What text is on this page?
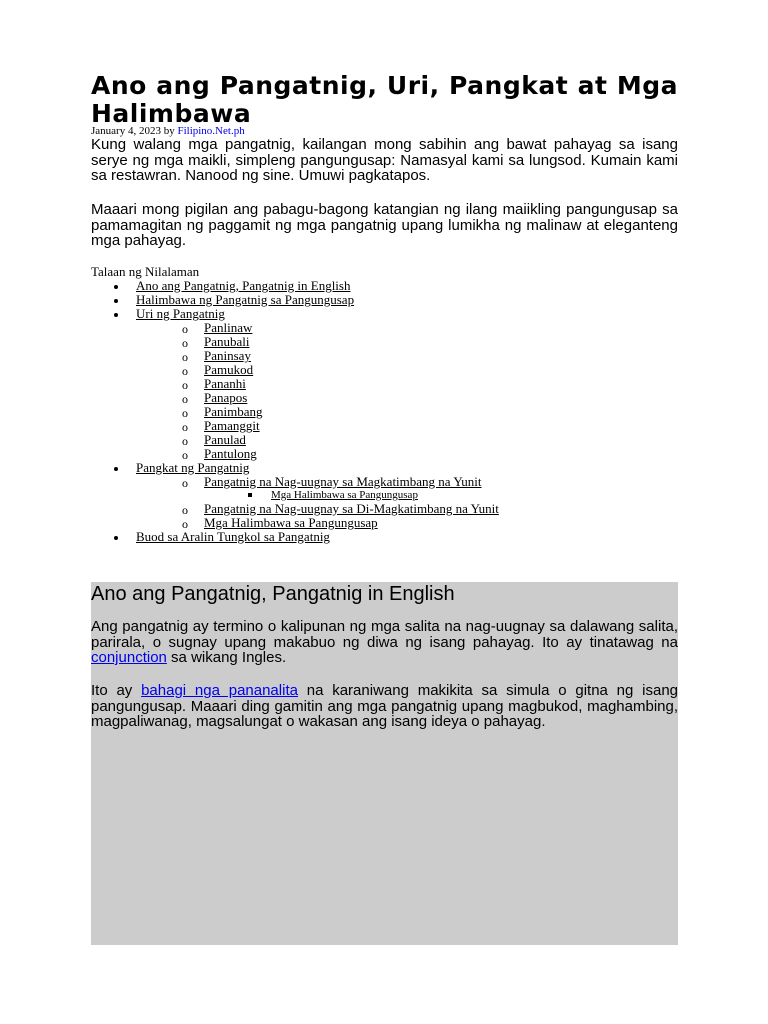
Ano ang Pangatnig, Uri, Pangkat at Mga Halimbawa
January 4, 2023 by Filipino.Net.ph

Kung walang mga pangatnig, kailangan mong sabihin ang bawat pahayag sa isang serye ng mga maikli, simpleng pangungusap: Namasyal kami sa lungsod. Kumain kami sa restawran. Nanood ng sine. Umuwi pagkatapos.

Maaari mong pigilan ang pabagu-bagong katangian ng ilang maiikling pangungusap sa pamamagitan ng paggamit ng mga pangatnig upang lumikha ng malinaw at eleganteng mga pahayag.

Talaan ng Nilalaman
Ano ang Pangatnig, Pangatnig in English
Halimbawa ng Pangatnig sa Pangungusap
Uri ng Pangatnig
o Panlinaw
o Panubali
o Paninsay
o Pamukod
o Pananhi
o Panapos
o Panimbang
o Pamanggit
o Panulad
o Pantulong
Pangkat ng Pangatnig
o Pangatnig na Nag-uugnay sa Magkatimbang na Yunit
Mga Halimbawa sa Pangungusap
o Pangatnig na Nag-uugnay sa Di-Magkatimbang na Yunit
o Mga Halimbawa sa Pangungusap
Buod sa Aralin Tungkol sa Pangatnig
Ano ang Pangatnig, Pangatnig in English

Ang pangatnig ay termino o kalipunan ng mga salita na nag-uugnay sa dalawang salita, parirala, o sugnay upang makabuo ng diwa ng isang pahayag. Ito ay tinatawag na conjunction sa wikang Ingles.

Ito ay bahagi nga pananalita na karaniwang makikita sa simula o gitna ng isang pangungusap. Maaari ding gamitin ang mga pangatnig upang magbukod, maghambing, magpaliwanag, magsalungat o wakasan ang isang ideya o pahayag.
